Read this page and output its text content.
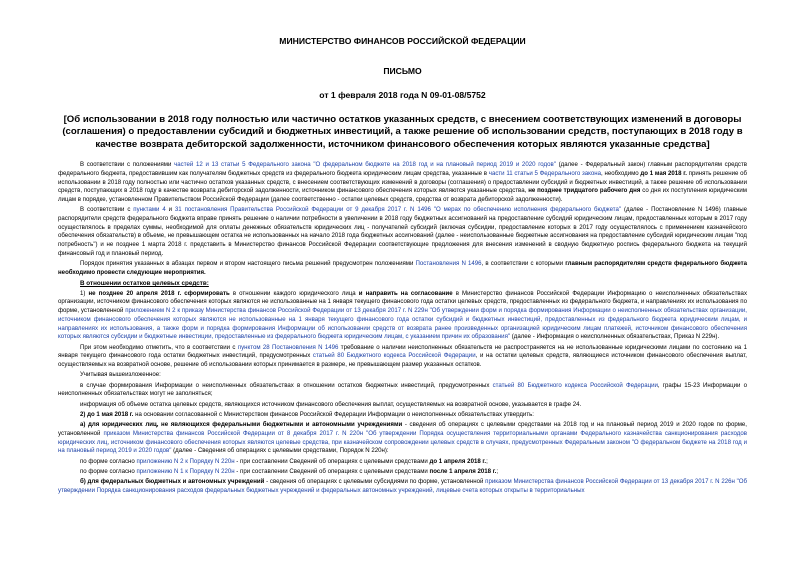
МИНИСТЕРСТВО ФИНАНСОВ РОССИЙСКОЙ ФЕДЕРАЦИИ
ПИСЬМО
от 1 февраля 2018 года N 09-01-08/5752
[Об использовании в 2018 году полностью или частично остатков указанных средств, с внесением соответствующих изменений в договоры (соглашения) о предоставлении субсидий и бюджетных инвестиций, а также решение об использовании средств, поступающих в 2018 году в качестве возврата дебиторской задолженности, источником финансового обеспечения которых являются указанные средства]

В соответствии с положениями частей 12 и 13 статьи 5 Федерального закона "О федеральном бюджете на 2018 год и на плановый период 2019 и 2020 годов" (далее - Федеральный закон) главным распорядителям средств федерального бюджета, предоставившим как получателям бюджетных средств из федерального бюджета юридическим лицам средства, указанные в части 11 статьи 5 Федерального закона, необходимо до 1 мая 2018 г. принять решение об использовании в 2018 году полностью или частично остатков указанных средств, с внесением соответствующих изменений в договоры (соглашения) о предоставлении субсидий и бюджетных инвестиций, а также решение об использовании средств, поступающих в 2018 году в качестве возврата дебиторской задолженности, источником финансового обеспечения которых являются указанные средства, не позднее тридцатого рабочего дня со дня их поступления юридическим лицам в порядке, установленном Правительством Российской Федерации (далее соответственно - остатки целевых средств, средства от возврата дебиторской задолженности).

В соответствии с пунктами 4 и 31 постановления Правительства Российской Федерации от 9 декабря 2017 г. N 1496 "О мерах по обеспечению исполнения федерального бюджета" (далее - Постановление N 1496) главные распорядители средств федерального бюджета вправе принять решение о наличии потребности в увеличении в 2018 году бюджетных ассигнований на предоставление субсидий юридическим лицам, предоставленных которым в 2017 году осуществлялось в пределах суммы, необходимой для оплаты денежных обязательств юридических лиц - получателей субсидий (включая субсидии, предоставление которых в 2017 году осуществлялось с применением казначейского обеспечения обязательств) в объеме, не превышающем остатка не использованных на начало 2018 года бюджетных ассигнований (далее - неиспользованные бюджетные ассигнования на предоставление субсидий юридическим лицам "под потребность") и не позднее 1 марта 2018 г. представить в Министерство финансов Российской Федерации соответствующие предложения для внесения изменений в сводную бюджетную роспись федерального бюджета на текущий финансовый год и плановый период.

Порядок принятия указанных в абзацах первом и втором настоящего письма решений предусмотрен положениями Постановления N 1496, в соответствии с которыми главным распорядителям средств федерального бюджета необходимо провести следующие мероприятия.

В отношении остатков целевых средств:

1) не позднее 20 апреля 2018 г. сформировать в отношении каждого юридического лица и направить на согласование в Министерство финансов Российской Федерации Информацию о неисполненных обязательствах организации, источником финансового обеспечения которых являются не использованные на 1 января текущего финансового года остатки целевых средств, предоставленных из федерального бюджета, и направлениях их использования по форме, установленной приложением N 2 к приказу Министерства финансов Российской Федерации от 13 декабря 2017 г. N 229н "Об утверждении форм и порядка формирования Информации о неисполненных обязательствах организации, источником финансового обеспечения которых являются не использованные на 1 января текущего финансового года остатки субсидий и бюджетных инвестиций, предоставленных из федерального бюджета юридическим лицам, и направлениях их использования, а также форм и порядка формирования Информации об использовании средств от возврата ранее произведенных организацией юридическим лицам платежей, источником финансового обеспечения которых являются субсидии и бюджетные инвестиции, предоставленные из федерального бюджета юридическим лицам, с указанием причин их образования" (далее - Информация о неисполненных обязательствах, Приказ N 229н).

При этом необходимо отметить, что в соответствии с пунктом 28 Постановления N 1496 требование о наличии неисполненных обязательств не распространяется на не использованные юридическими лицами по состоянию на 1 января текущего финансового года остатки бюджетных инвестиций, предусмотренных статьей 80 Бюджетного кодекса Российской Федерации, и на остатки целевых средств, являющиеся источником финансового обеспечения выплат, осуществляемых на возвратной основе, решение об использовании которых принимается в размере, не превышающем размер указанных остатков.

Учитывая вышеизложенное:

в случае формирования Информации о неисполненных обязательствах в отношении остатков бюджетных инвестиций, предусмотренных статьей 80 Бюджетного кодекса Российской Федерации, графы 15-23 Информации о неисполненных обязательствах могут не заполняться;

информация об объеме остатка целевых средств, являющихся источником финансового обеспечения выплат, осуществляемых на возвратной основе, указывается в графе 24.

2) до 1 мая 2018 г. на основании согласованной с Министерством финансов Российской Федерации Информации о неисполненных обязательствах утвердить:

а) для юридических лиц, не являющихся федеральными бюджетными и автономными учреждениями - сведения об операциях с целевыми средствами на 2018 год и на плановый период 2019 и 2020 годов по форме, установленной приказом Министерства финансов Российской Федерации от 8 декабря 2017 г. N 220н "Об утверждении Порядка осуществления территориальными органами Федерального казначейства санкционирования расходов юридических лиц, источником финансового обеспечения которых являются целевые средства, при казначейском сопровождении целевых средств в случаях, предусмотренных Федеральным законом "О федеральном бюджете на 2018 год и на плановый период 2019 и 2020 годов" (далее - Сведения об операциях с целевыми средствами, Порядок N 220н):

по форме согласно приложению N 2 к Порядку N 220н - при составлении Сведений об операциях с целевыми средствами до 1 апреля 2018 г.;

по форме согласно приложению N 1 к Порядку N 220н - при составлении Сведений об операциях с целевыми средствами после 1 апреля 2018 г.;

б) для федеральных бюджетных и автономных учреждений - сведения об операциях с целевыми субсидиями по форме, установленной приказом Министерства финансов Российской Федерации от 13 декабря 2017 г. N 226н "Об утверждении Порядка санкционирования расходов федеральных бюджетных учреждений и федеральных автономных учреждений, лицевые счета которых открыты в территориальных
